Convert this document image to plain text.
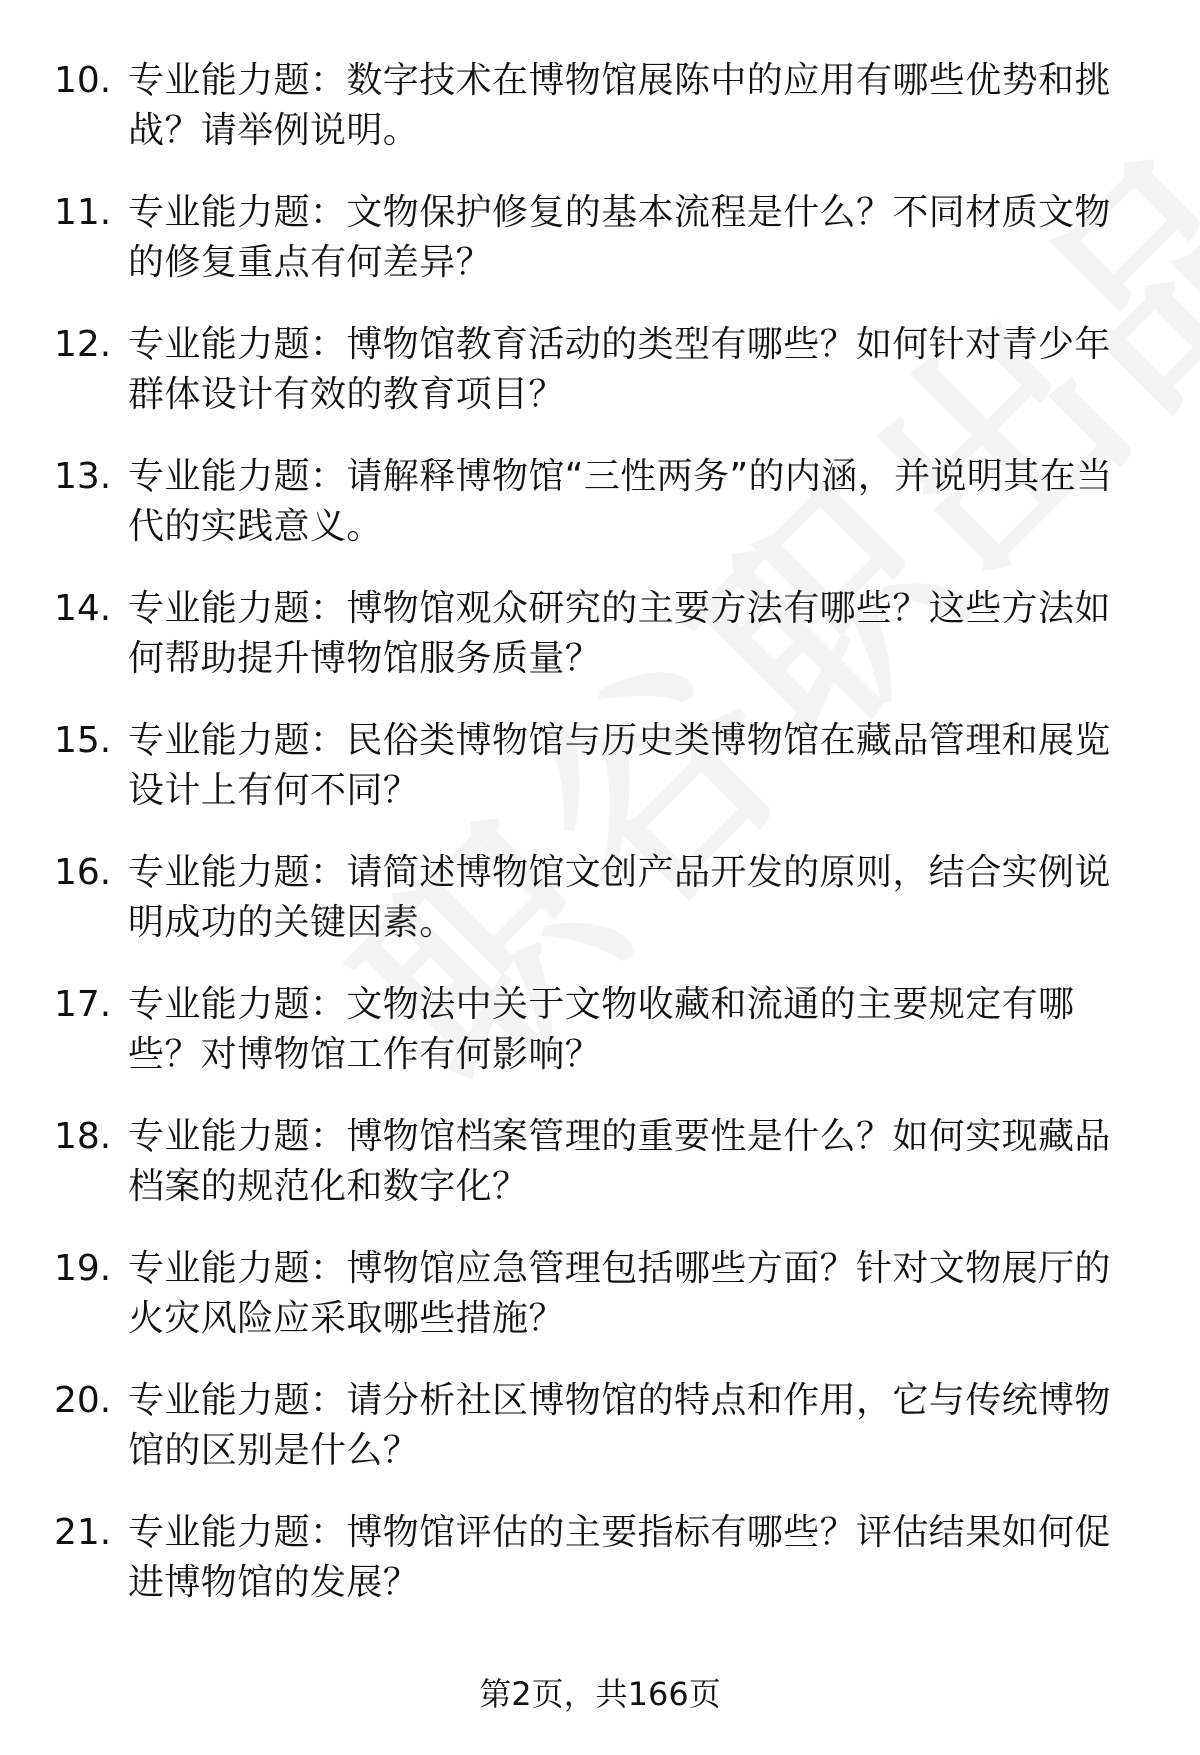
10. 专业能力题：数字技术在博物馆展陈中的应用有哪些优势和挑战？请举例说明。
11. 专业能力题：文物保护修复的基本流程是什么？不同材质文物的修复重点有何差异？
12. 专业能力题：博物馆教育活动的类型有哪些？如何针对青少年群体设计有效的教育项目？
13. 专业能力题：请解释博物馆“三性两务”的内涵，并说明其在当代的实践意义。
14. 专业能力题：博物馆观众研究的主要方法有哪些？这些方法如何帮助提升博物馆服务质量？
15. 专业能力题：民俗类博物馆与历史类博物馆在藏品管理和展览设计上有何不同？
16. 专业能力题：请简述博物馆文创产品开发的原则，结合实例说明成功的关键因素。
17. 专业能力题：文物法中关于文物收藏和流通的主要规定有哪些？对博物馆工作有何影响？
18. 专业能力题：博物馆档案管理的重要性是什么？如何实现藏品档案的规范化和数字化？
19. 专业能力题：博物馆应急管理包括哪些方面？针对文物展厅的火灾风险应采取哪些措施？
20. 专业能力题：请分析社区博物馆的特点和作用，它与传统博物馆的区别是什么？
21. 专业能力题：博物馆评估的主要指标有哪些？评估结果如何促进博物馆的发展？
第2页，共166页
